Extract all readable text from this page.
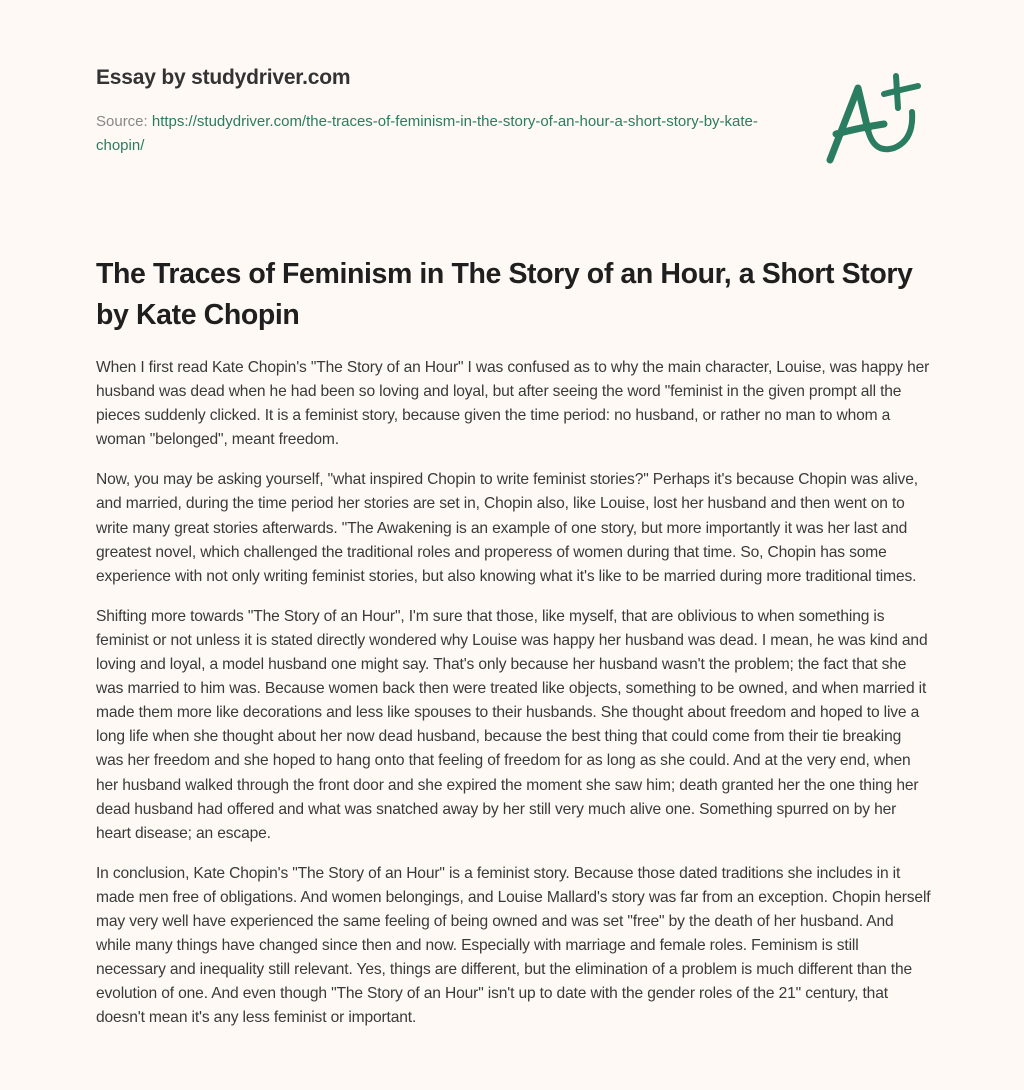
Essay by studydriver.com
Source: https://studydriver.com/the-traces-of-feminism-in-the-story-of-an-hour-a-short-story-by-kate-chopin/
The Traces of Feminism in The Story of an Hour, a Short Story by Kate Chopin

When I first read Kate Chopin's "The Story of an Hour" I was confused as to why the main character, Louise, was happy her husband was dead when he had been so loving and loyal, but after seeing the word "feminist in the given prompt all the pieces suddenly clicked. It is a feminist story, because given the time period: no husband, or rather no man to whom a woman "belonged", meant freedom.

Now, you may be asking yourself, "what inspired Chopin to write feminist stories?" Perhaps it's because Chopin was alive, and married, during the time period her stories are set in, Chopin also, like Louise, lost her husband and then went on to write many great stories afterwards. "The Awakening is an example of one story, but more importantly it was her last and greatest novel, which challenged the traditional roles and properess of women during that time. So, Chopin has some experience with not only writing feminist stories, but also knowing what it's like to be married during more traditional times.

Shifting more towards "The Story of an Hour", I'm sure that those, like myself, that are oblivious to when something is feminist or not unless it is stated directly wondered why Louise was happy her husband was dead. I mean, he was kind and loving and loyal, a model husband one might say. That's only because her husband wasn't the problem; the fact that she was married to him was. Because women back then were treated like objects, something to be owned, and when married it made them more like decorations and less like spouses to their husbands. She thought about freedom and hoped to live a long life when she thought about her now dead husband, because the best thing that could come from their tie breaking was her freedom and she hoped to hang onto that feeling of freedom for as long as she could. And at the very end, when her husband walked through the front door and she expired the moment she saw him; death granted her the one thing her dead husband had offered and what was snatched away by her still very much alive one. Something spurred on by her heart disease; an escape.

In conclusion, Kate Chopin's "The Story of an Hour" is a feminist story. Because those dated traditions she includes in it made men free of obligations. And women belongings, and Louise Mallard's story was far from an exception. Chopin herself may very well have experienced the same feeling of being owned and was set "free" by the death of her husband. And while many things have changed since then and now. Especially with marriage and female roles. Feminism is still necessary and inequality still relevant. Yes, things are different, but the elimination of a problem is much different than the evolution of one. And even though "The Story of an Hour" isn't up to date with the gender roles of the 21" century, that doesn't mean it's any less feminist or important.
